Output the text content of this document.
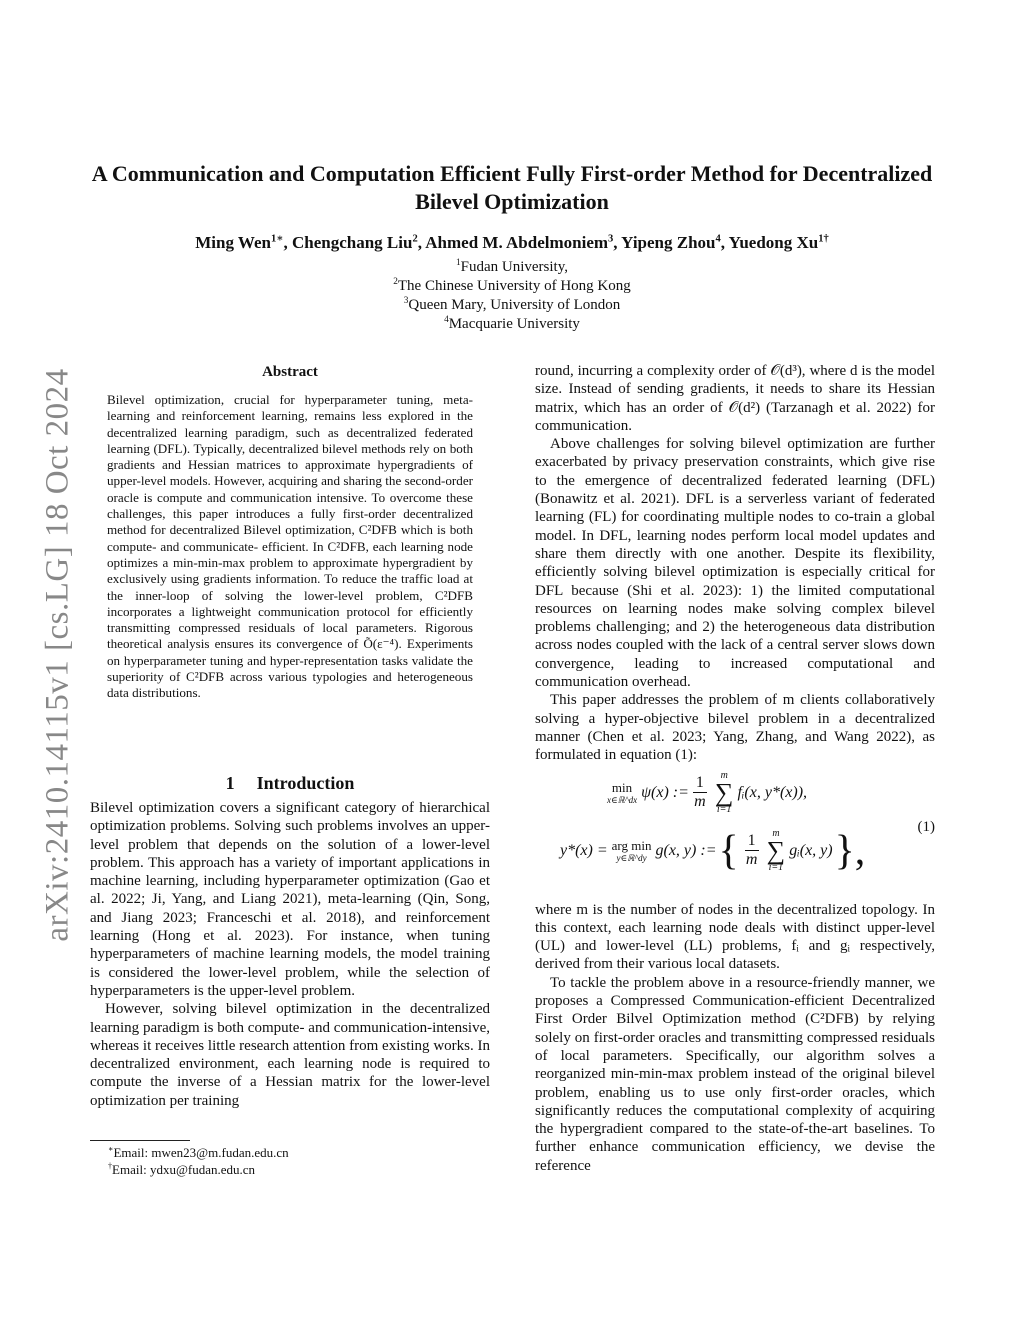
A Communication and Computation Efficient Fully First-order Method for Decentralized Bilevel Optimization
Ming Wen$^{1∗}$, Chengchang Liu$^2$, Ahmed M. Abdelmoniem$^3$, Yipeng Zhou$^4$, Yuedong $Xu^{1\dagger}$
$^1$Fudan University,
$^2$The Chinese University of Hong Kong
$^3$Queen Mary, University of London
$^4$Macquarie University
arXiv:2410.14115v1 [cs.LG] 18 Oct 2024	Abstract
Bilevel optimization, crucial for hyperparameter tuning, meta-learning and reinforcement learning, remains less explored in the decentralized learning paradigm, such as decentralized federated learning (DFL). Typically, decentralized bilevel methods rely on both gradients and Hessian matrices to approximate hypergradients of upper-level models. However, acquiring and sharing the second-order oracle is compute and communication intensive. To overcome these challenges, this paper introduces a fully first-order decentralized method for decentralized Bilevel optimization, C²DFB which is both compute- and communicate- efficient. In C²DFB, each learning node optimizes a min-min-max problem to approximate hypergradient by exclusively using gradients information. To reduce the traffic load at the inner-loop of solving the lower-level problem, C²DFB incorporates a lightweight communication protocol for efficiently transmitting compressed residuals of local parameters. Rigorous theoretical analysis ensures its convergence of Õ(ε⁻⁴). Experiments on hyperparameter tuning and hyper-representation tasks validate the superiority of C²DFB across various typologies and heterogeneous data distributions.
1 Introduction

Bilevel optimization covers a significant category of hierarchical optimization problems. Solving such problems involves an upper-level problem that depends on the solution of a lower-level problem. This approach has a variety of important applications in machine learning, including hyperparameter optimization (Gao et al. 2022; Ji, Yang, and Liang 2021), meta-learning (Qin, Song, and Jiang 2023; Franceschi et al. 2018), and reinforcement learning (Hong et al. 2023). For instance, when tuning hyperparameters of machine learning models, the model training is considered the lower-level problem, while the selection of hyperparameters is the upper-level problem.

However, solving bilevel optimization in the decentralized learning paradigm is both compute- and communication-intensive, whereas it receives little research attention from existing works. In decentralized environment, each learning node is required to compute the inverse of a Hessian matrix for the lower-level optimization per training

∗Email: mwen23@m.fudan.edu.cn
†Email: ydxu@fudan.edu.cn

round, incurring a complexity order of 𝒪(d³), where d is the model size. Instead of sending gradients, it needs to share its Hessian matrix, which has an order of 𝒪(d²) (Tarzanagh et al. 2022) for communication.

Above challenges for solving bilevel optimization are further exacerbated by privacy preservation constraints, which give rise to the emergence of decentralized federated learning (DFL) (Bonawitz et al. 2021). DFL is a serverless variant of federated learning (FL) for coordinating multiple nodes to co-train a global model. In DFL, learning nodes perform local model updates and share them directly with one another. Despite its flexibility, efficiently solving bilevel optimization is especially critical for DFL because (Shi et al. 2023): 1) the limited computational resources on learning nodes make solving complex bilevel problems challenging; and 2) the heterogeneous data distribution across nodes coupled with the lack of a central server slows down convergence, leading to increased computational and communication overhead.

This paper addresses the problem of m clients collaboratively solving a hyper-objective bilevel problem in a decentralized manner (Chen et al. 2023; Yang, Zhang, and Wang 2022), as formulated in equation (1):

where m is the number of nodes in the decentralized topology. In this context, each learning node deals with distinct upper-level (UL) and lower-level (LL) problems, fᵢ and gᵢ respectively, derived from their various local datasets.

To tackle the problem above in a resource-friendly manner, we proposes a Compressed Communication-efficient Decentralized First Order Bilvel Optimization method (C²DFB) by relying solely on first-order oracles and transmitting compressed residuals of local parameters. Specifically, our algorithm solves a reorganized min-min-max problem instead of the original bilevel problem, enabling us to use only first-order oracles, which significantly reduces the computational complexity of acquiring the hypergradient compared to the state-of-the-art baselines. To further enhance communication efficiency, we devise the reference

min
x∈ℝ^dx ψ(x) := $\frac{1}{m}$ m
∑
i=1
fᵢ(x, y*(x)),
y*(x) = arg min
y∈ℝ^dy g(x, y) := { $\frac{1}{m}$ m
∑
i=1
gᵢ(x, y) },
(1)
